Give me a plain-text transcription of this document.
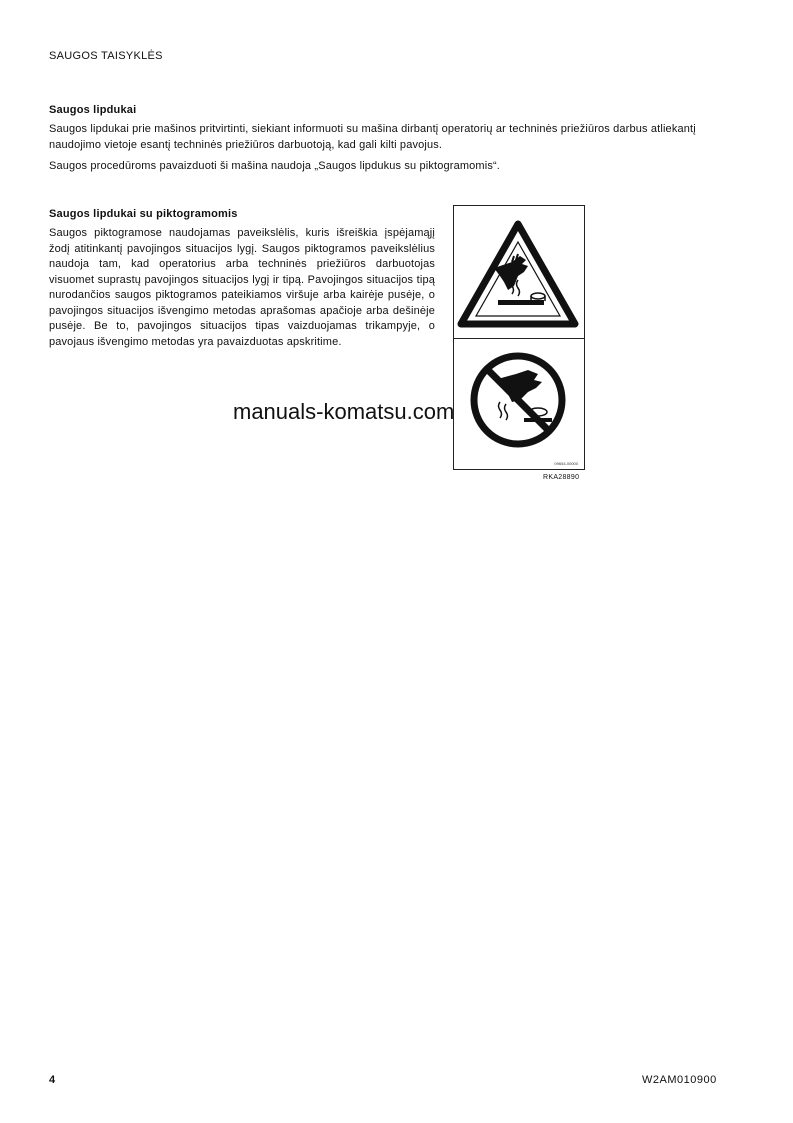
SAUGOS TAISYKLĖS
Saugos lipdukai
Saugos lipdukai prie mašinos pritvirtinti, siekiant informuoti su mašina dirbantį operatorių ar techninės priežiūros darbus atliekantį naudojimo vietoje esantį techninės priežiūros darbuotoją, kad gali kilti pavojus.
Saugos procedūroms pavaizduoti ši mašina naudoja „Saugos lipdukus su piktogramomis“.
Saugos lipdukai su piktogramomis
Saugos piktogramose naudojamas paveikslėlis, kuris išreiškia įspėjamąjį žodį atitinkantį pavojingos situacijos lygį. Saugos piktogramos paveikslėlius naudoja tam, kad operatorius arba techninės priežiūros darbuotojas visuomet suprastų pavojingos situacijos lygį ir tipą. Pavojingos situacijos tipą nurodančios saugos piktogramos pateikiamos viršuje arba kairėje pusėje, o pavojingos situacijos išvengimo metodas aprašomas apačioje arba dešinėje pusėje. Be to, pavojingos situacijos tipas vaizduojamas trikampyje, o pavojaus išvengimo metodas yra pavaizduotas apskritime.
09654-00000
RKA28890
manuals-komatsu.com
4	W2AM010900
